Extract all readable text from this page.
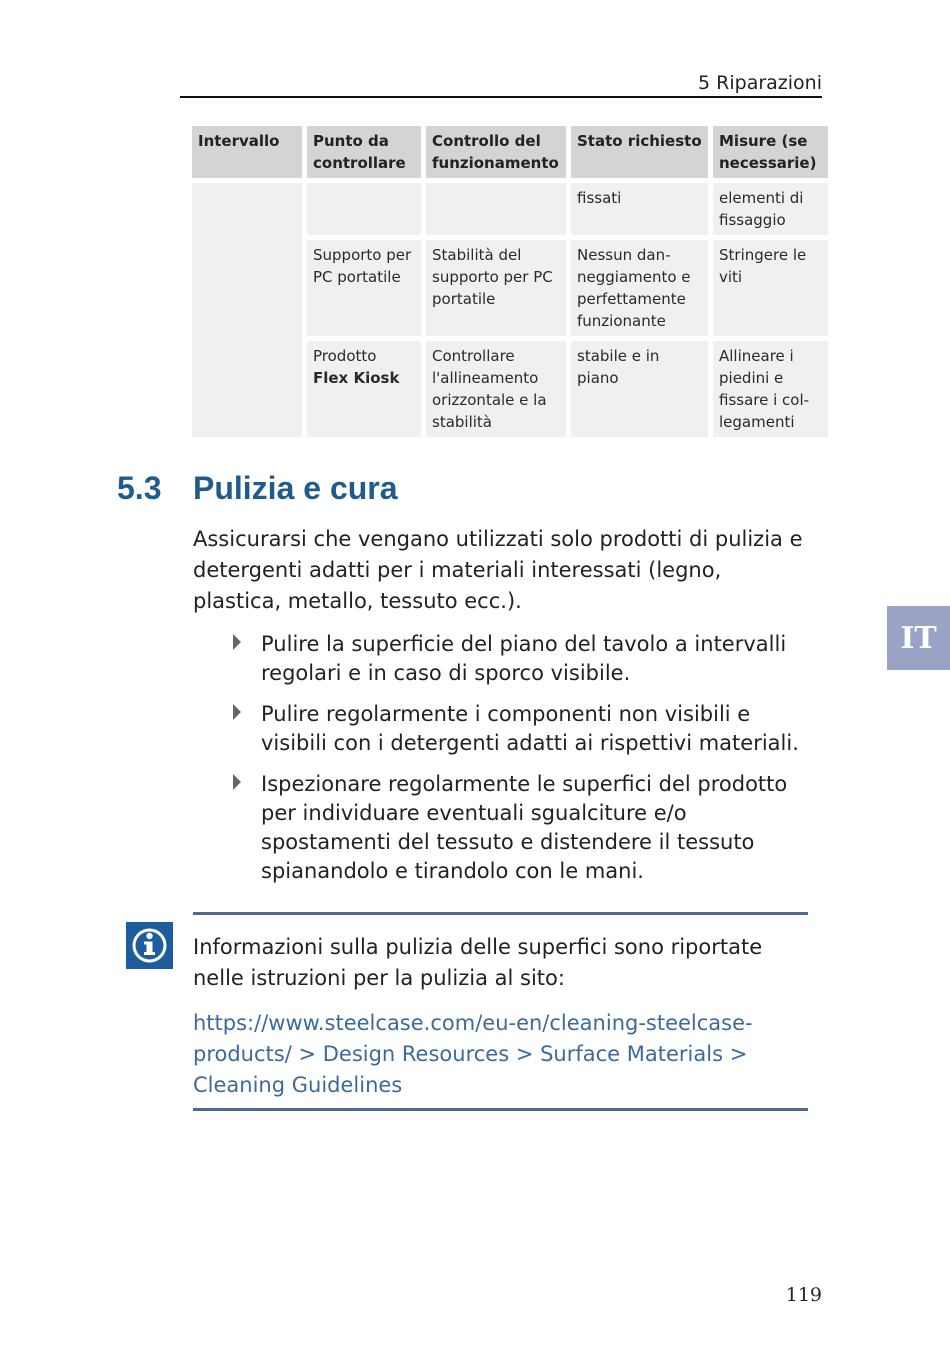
5 Riparazioni
Intervallo	Punto da controllare	Controllo del funzionamento	Stato richiesto	Misure (se necessarie)
			fissati	elementi di fissaggio
	Supporto per PC portatile	Stabilità del supporto per PC portatile	Nessun dan-neggiamento e perfettamente funzionante	Stringere le viti
	Prodotto Flex Kiosk	Controllare l'allineamento orizzontale e la stabilità	stabile e in piano	Allineare i piedini e fissare i col-legamenti
5.3 Pulizia e cura
Assicurarsi che vengano utilizzati solo prodotti di pulizia e detergenti adatti per i materiali interessati (legno, plastica, metallo, tessuto ecc.).
Pulire la superficie del piano del tavolo a intervalli regolari e in caso di sporco visibile.
Pulire regolarmente i componenti non visibili e visibili con i detergenti adatti ai rispettivi materiali.
Ispezionare regolarmente le superfici del prodotto per individuare eventuali sgualciture e/o spostamenti del tessuto e distendere il tessuto spianandolo e tirandolo con le mani.
IT
Informazioni sulla pulizia delle superfici sono riportate nelle istruzioni per la pulizia al sito:
https://www.steelcase.com/eu-en/cleaning-steelcase-products/ > Design Resources > Surface Materials > Cleaning Guidelines
119
